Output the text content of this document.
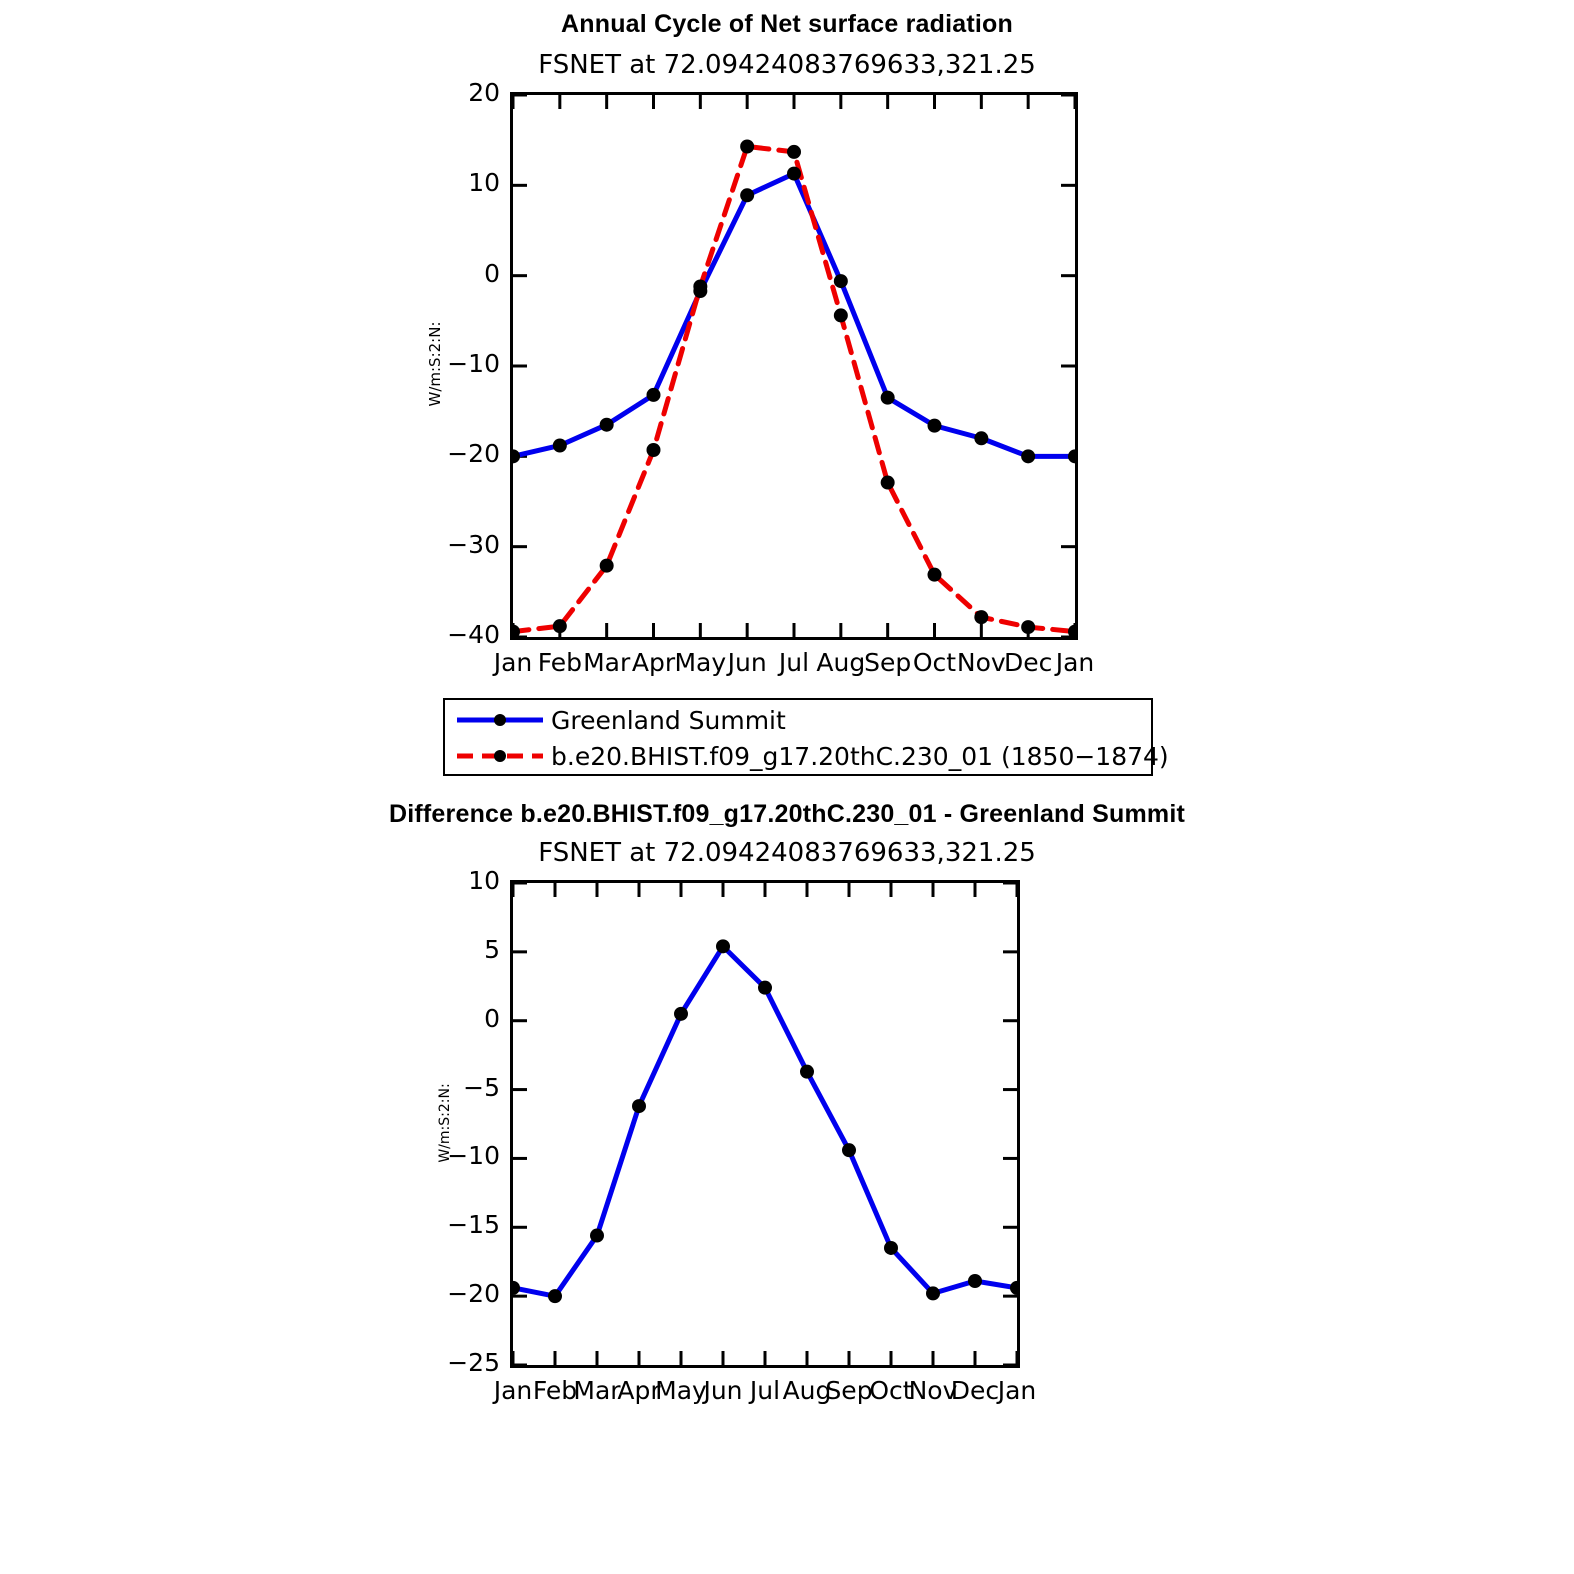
Annual Cycle of Net surface radiation
FSNET at 72.09424083769633,321.25
W/m:S:2:N:
Greenland Summit
b.e20.BHIST.f09_g17.20thC.230_01 (1850−1874)
20
10
0
−10
−20
−30
−40
Jan Feb Mar Apr May Jun Jul Aug
Sep Oct Nov
Dec Jan
Difference b.e20.BHIST.f09_g17.20thC.230_01 - Greenland Summit
FSNET at 72.09424083769633,321.25
W/m:S:2:N:
10
5
0
−5
−10
−15
−20
−25
Jan Feb
Mar
Apr
May
Jun Jul Aug
Sep
Oct
Nov
Dec
Jan
